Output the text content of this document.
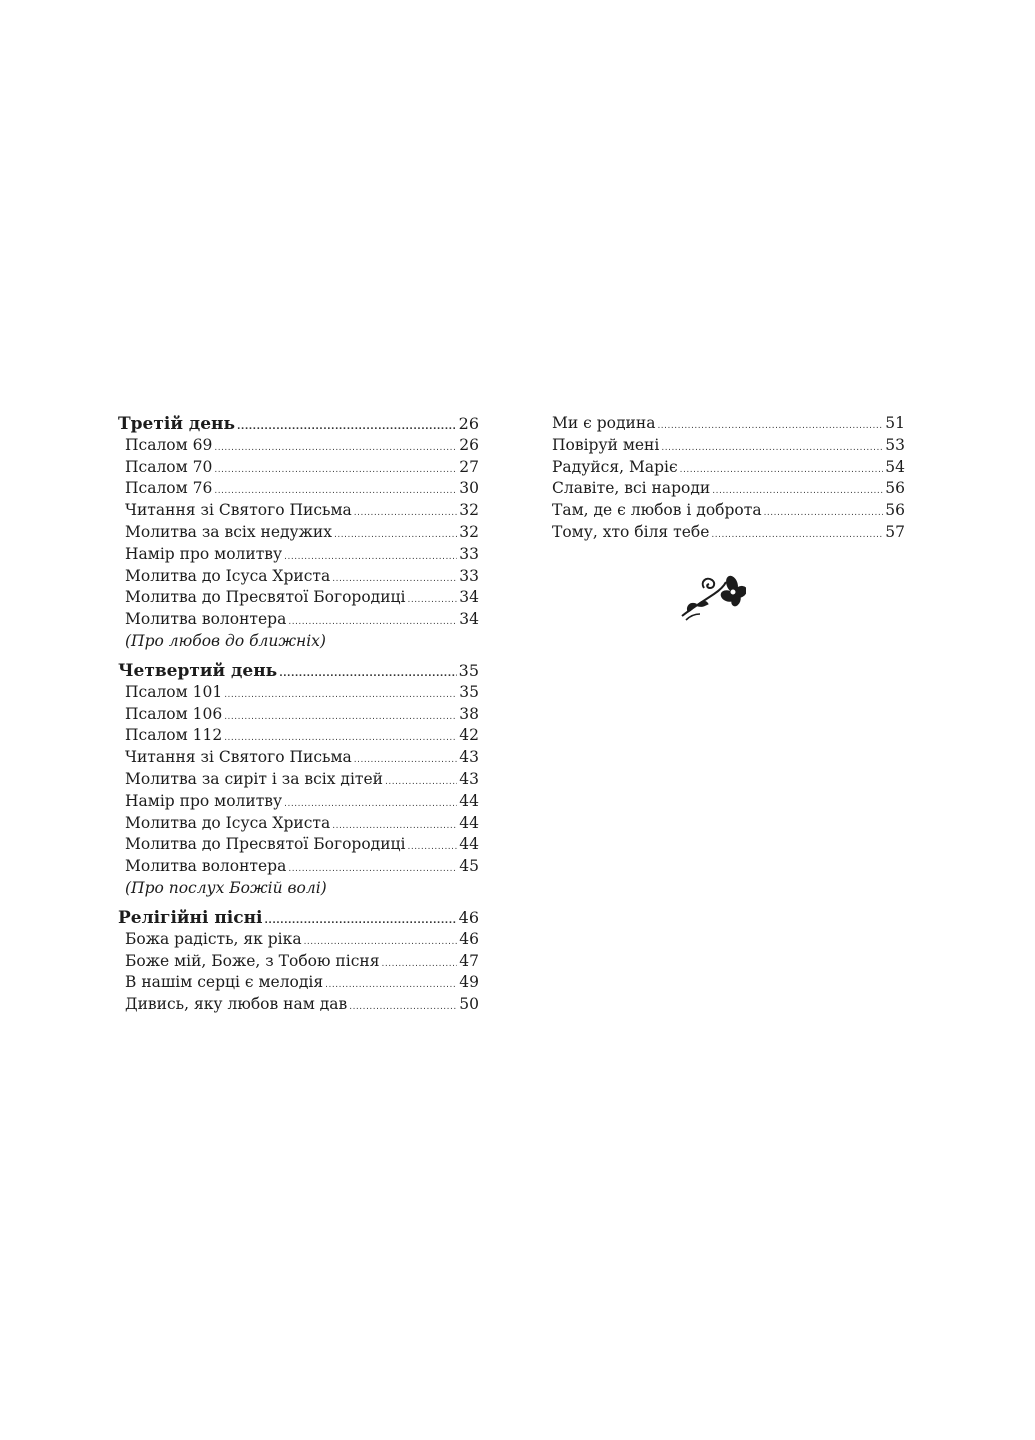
Третій день .....	26
Псалом 69 .....	26
Псалом 70 .....	27
Псалом 76 .....	30
Читання зі Святого Письма .....	32
Молитва за всіх недужих .....	32
Намір про молитву .....	33
Молитва до Ісуса Христа .....	33
Молитва до Пресвятої Богородиці .....	34
Молитва волонтера .....	34
(Про любов до ближніх)
Четвертий день .....	35
Псалом 101 .....	35
Псалом 106 .....	38
Псалом 112 .....	42
Читання зі Святого Письма .....	43
Молитва за сиріт і за всіх дітей .....	43
Намір про молитву .....	44
Молитва до Ісуса Христа .....	44
Молитва до Пресвятої Богородиці .....	44
Молитва волонтера .....	45
(Про послух Божій волі)
Релігійні пісні .....	46
Божа радість, як ріка .....	46
Боже мій, Боже, з Тобою пісня .....	47
В нашім серці є мелодія .....	49
Дивись, яку любов нам дав .....	50
Ми є родина .....	51
Повіруй мені .....	53
Радуйся, Маріє .....	54
Славіте, всі народи .....	56
Там, де є любов і доброта .....	56
Тому, хто біля тебе .....	57
